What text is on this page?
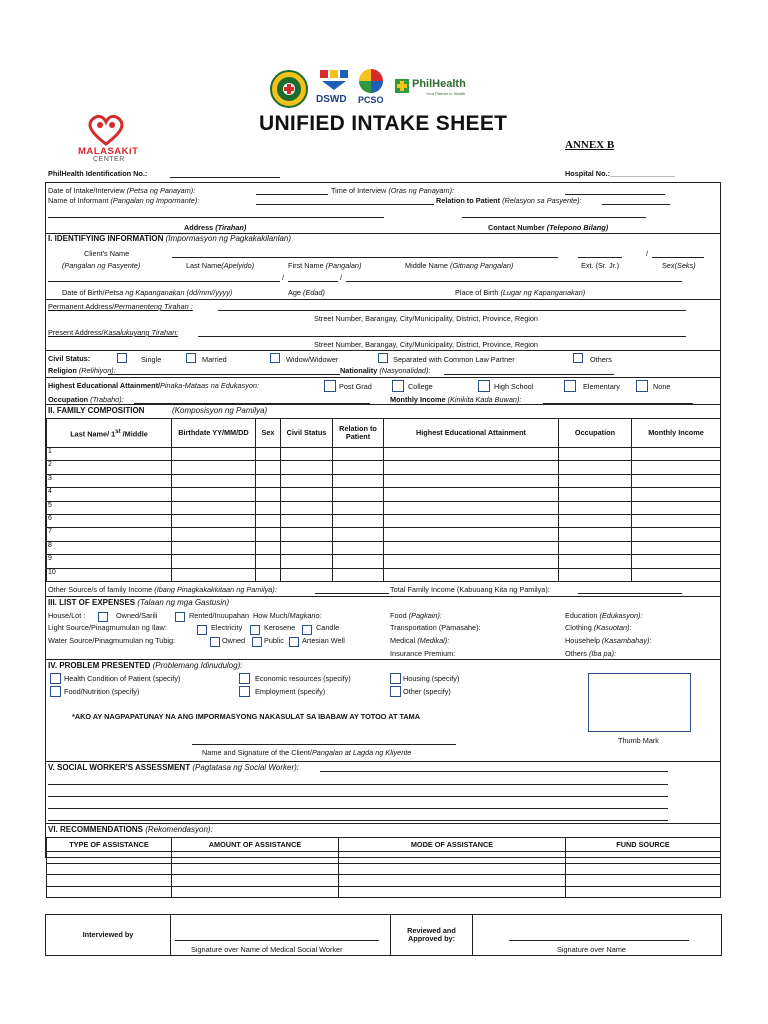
DSWD PCSO
PhilHealth
Your Partner in Health
UNIFIED INTAKE SHEET
MALASAKiT
CENTER
ANNEX B
PhilHealth Identification No.:	Hospital No.:________________
Date of Intake/Interview (Petsa ng Panayam):	Time of Interview (Oras ng Panayam):
Name of Informant (Pangalan ng Impormante):	Relation to Patient (Relasyon sa Pasyente):
Address (Tirahan)	Contact Number (Telepono Bilang)
I. IDENTIFYING INFORMATION (Impormasyon ng Pagkakakilanlan)
Client's Name	/
(Pangalan ng Pasyente)	Last Name(Apelyido)	First Name (Pangalan)	Middle Name (Gitnang Pangalan)	Ext. (Sr. Jr.)	Sex(Seks)
/	/
Date of Birth/Petsa ng Kapanganakan (dd/mm//yyyy)	Age (Edad)	Place of Birth (Lugar ng Kapanganakan)
Permanent Address/Permanenteng Tirahan :
Street Number, Barangay, City/Municipality, District, Province, Region
Present Address/Kasalukuyang Tirahan:
Street Number, Barangay, City/Municipality, District, Province, Region
Civil Status:	Single	Married	Widow/Widower	Separated with Common Law Partner	Others
Religion (Relihiyon):	Nationality (Nasyonalidad):
Highest Educational Attainment/Pinaka-Mataas na Edukasyon:	Post Grad	College	High School	Elementary	None
Occupation (Trabaho):	Monthly Income (Kinikita Kada Buwan):
II. FAMILY COMPOSITION	(Komposisyon ng Pamilya)
Last Name/ 1st /Middle	Birthdate YY/MM/DD	Sex	Civil Status	Relation to Patient	Highest Educational Attainment	Occupation	Monthly Income
1							
2							
3							
4							
5							
6							
7							
8							
9							
10							
Other Source/s of family Income (Ibang Pinagkakakkitaan ng Pamilya):	Total Family Income (Kabuuang Kita ng Pamilya):
III. LIST OF EXPENSES (Talaan ng mga Gastusin)
House/Lot :	Owned/Sarili	Rented/Inuupahan How Much/Magkano:
Light Source/Pinagmumulan ng Ilaw:	Electricity	Kerosene	Candle
Water Source/Pinagmumulan ng Tubig:	Owned	Public Artesian Well
Food (Pagkain):
Transportation (Pamasahe):
Medical (Medikal):
Insurance Premium:
Education (Edukasyon):
Clothing (Kasuotan):
Househelp (Kasambahay):
Others (Iba pa):
IV. PROBLEM PRESENTED (Problemang Idinudulog):
Health Condition of Patient (specify)
Food/Nutrition (specify)
Economic resources (specify)
Employment (specify)
Housing (specify)
Other (specify)
*AKO AY NAGPAPATUNAY NA ANG IMPORMASYONG NAKASULAT SA IBABAW AY TOTOO AT TAMA
Name and Signature of the Client/Pangalan at Lagda ng Kliyente
Thumb Mark
V. SOCIAL WORKER'S ASSESSMENT (Pagtatasa ng Social Worker):
VI. RECOMMENDATIONS (Rekomendasyon):
TYPE OF ASSISTANCE	AMOUNT OF ASSISTANCE	MODE OF ASSISTANCE	FUND SOURCE

Interviewed by	
Signature over Name of Medical Social Worker

Reviewed and
Approved by:

Signature over Name
